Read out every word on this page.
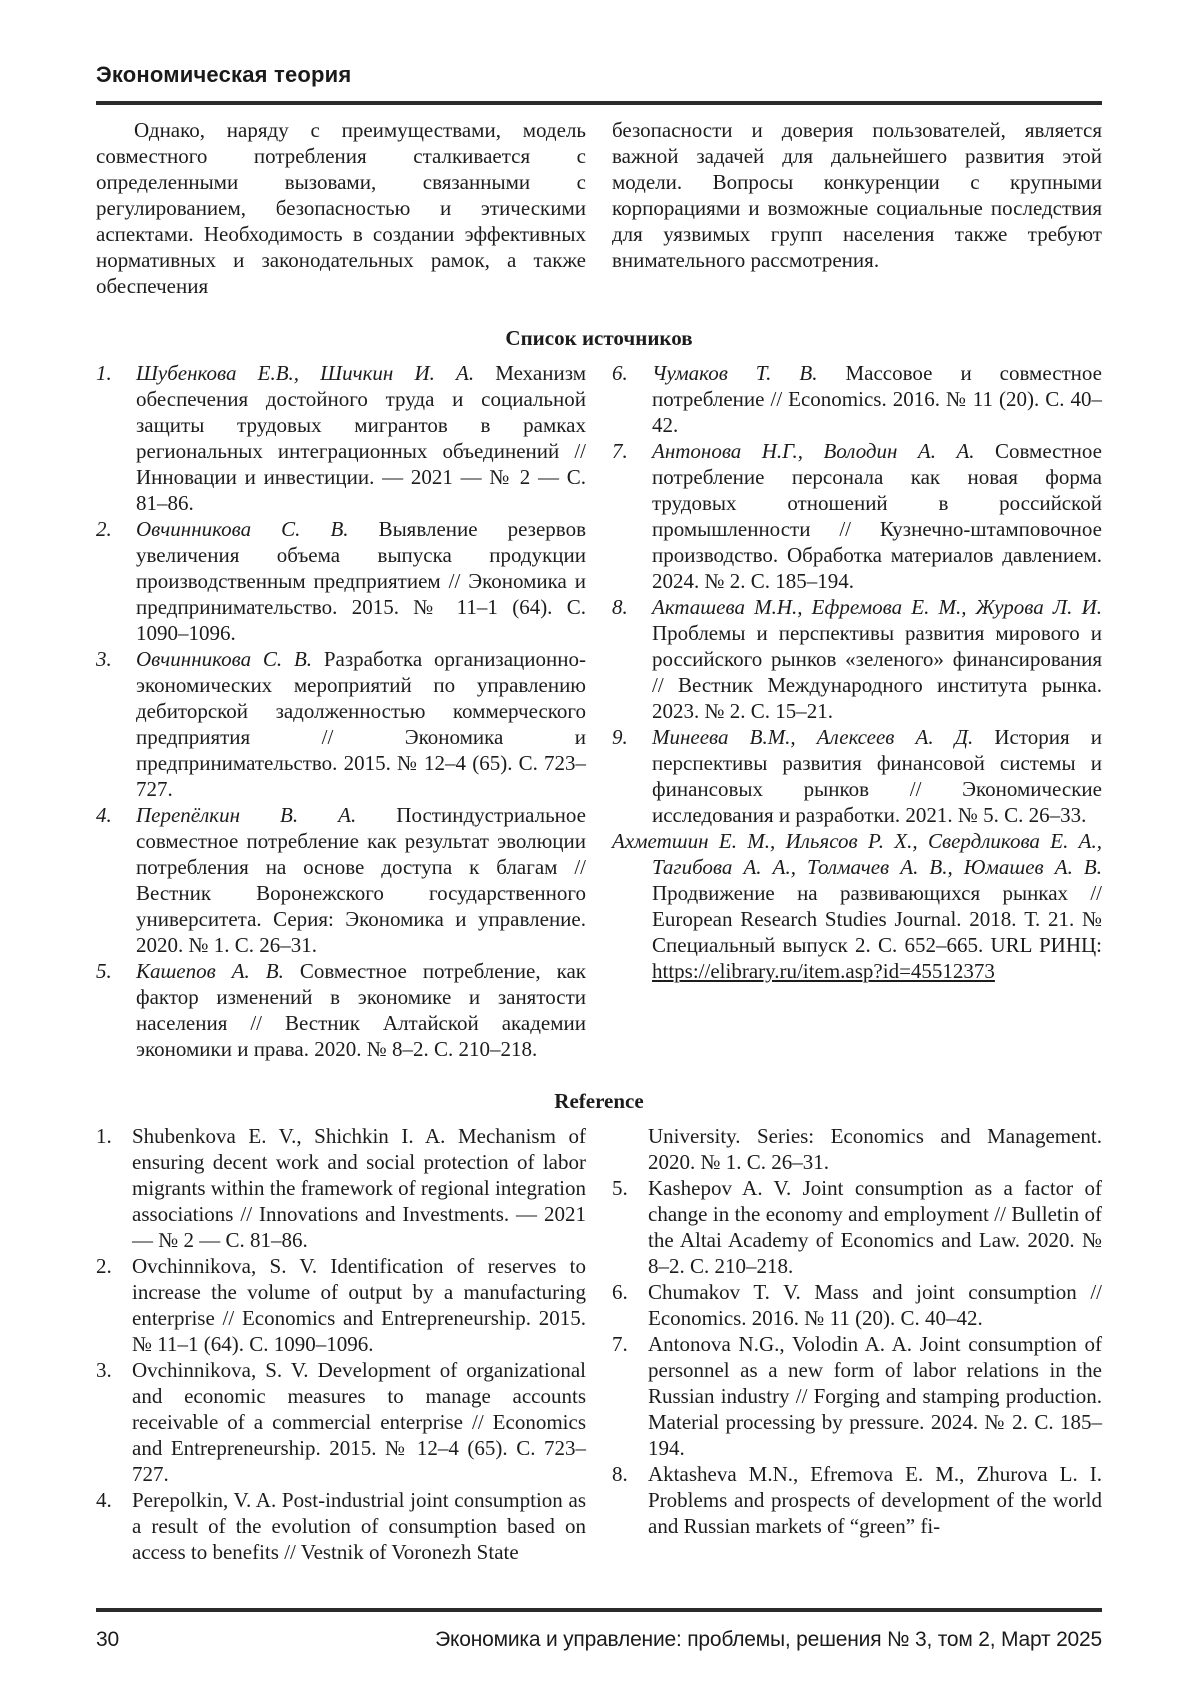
Экономическая теория

Однако, наряду с преимуществами, модель совместного потребления сталкивается с определенными вызовами, связанными с регулированием, безопасностью и этическими аспектами. Необходимость в создании эффективных нормативных и законодательных рамок, а также обеспечения

безопасности и доверия пользователей, является важной задачей для дальнейшего развития этой модели. Вопросы конкуренции с крупными корпорациями и возможные социальные последствия для уязвимых групп населения также требуют внимательного рассмотрения.

Список источников
1.	Шубенкова Е.В., Шичкин И. А. Механизм обеспечения достойного труда и социальной защиты трудовых мигрантов в рамках региональных интеграционных объединений // Инновации и инвестиции. — 2021 — № 2 — С. 81–86.
2.	Овчинникова С. В. Выявление резервов увеличения объема выпуска продукции производственным предприятием // Экономика и предпринимательство. 2015. № 11–1 (64). С. 1090–1096.
3.	Овчинникова С. В. Разработка организационно-экономических мероприятий по управлению дебиторской задолженностью коммерческого предприятия // Экономика и предпринимательство. 2015. № 12–4 (65). С. 723–727.
4.	Перепёлкин В. А. Постиндустриальное совместное потребление как результат эволюции потребления на основе доступа к благам // Вестник Воронежского государственного университета. Серия: Экономика и управление. 2020. № 1. С. 26–31.
5.	Кашепов А. В. Совместное потребление, как фактор изменений в экономике и занятости населения // Вестник Алтайской академии экономики и права. 2020. № 8–2. С. 210–218.
6.	Чумаков Т. В. Массовое и совместное потребление // Economics. 2016. № 11 (20). С. 40–42.
7.	Антонова Н.Г., Володин А. А. Совместное потребление персонала как новая форма трудовых отношений в российской промышленности // Кузнечно-штамповочное производство. Обработка материалов давлением. 2024. № 2. С. 185–194.
8.	Акташева М.Н., Ефремова Е. М., Журова Л. И. Проблемы и перспективы развития мирового и российского рынков «зеленого» финансирования // Вестник Международного института рынка. 2023. № 2. С. 15–21.
9.	Минеева В.М., Алексеев А. Д. История и перспективы развития финансовой системы и финансовых рынков // Экономические исследования и разработки. 2021. № 5. С. 26–33.
Ахметшин Е. М., Ильясов Р. Х., Свердликова Е. А., Тагибова А. А., Толмачев А. В., Юмашев А. В. Продвижение на развивающихся рынках // European Research Studies Journal. 2018. Т. 21. № Специальный выпуск 2. С. 652–665. URL РИНЦ: https://elibrary.ru/item.asp?id=45512373
Reference
1. Shubenkova E. V., Shichkin I. A. Mechanism of ensuring decent work and social protection of labor migrants within the framework of regional integration associations // Innovations and Investments. — 2021 — № 2 — С. 81–86.
2. Ovchinnikova, S. V. Identification of reserves to increase the volume of output by a manufacturing enterprise // Economics and Entrepreneurship. 2015. № 11–1 (64). С. 1090–1096.
3. Ovchinnikova, S. V. Development of organizational and economic measures to manage accounts receivable of a commercial enterprise // Economics and Entrepreneurship. 2015. № 12–4 (65). С. 723–727.
4. Perepolkin, V. A. Post-industrial joint consumption as a result of the evolution of consumption based on access to benefits // Vestnik of Voronezh State
University. Series: Economics and Management. 2020. № 1. С. 26–31.
5. Kashepov A. V. Joint consumption as a factor of change in the economy and employment // Bulletin of the Altai Academy of Economics and Law. 2020. № 8–2. С. 210–218.
6. Chumakov T. V. Mass and joint consumption // Economics. 2016. № 11 (20). С. 40–42.
7. Antonova N.G., Volodin A. A. Joint consumption of personnel as a new form of labor relations in the Russian industry // Forging and stamping production. Material processing by pressure. 2024. № 2. С. 185–194.
8. Aktasheva M.N., Efremova E. M., Zhurova L. I. Problems and prospects of development of the world and Russian markets of “green” fi-
30	Экономика и управление: проблемы, решения № 3, том 2, Март 2025
